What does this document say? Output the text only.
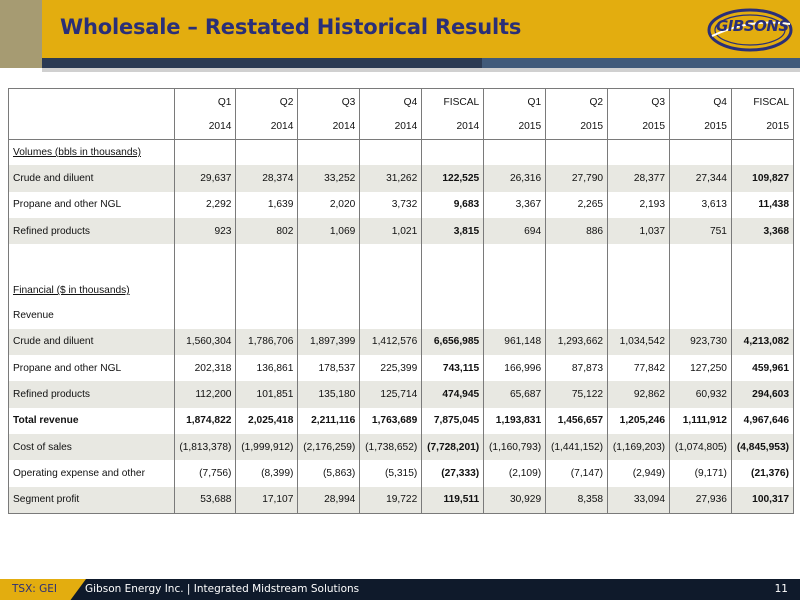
Wholesale – Restated Historical Results	GIBSONS
	Q1	Q2	Q3	Q4	FISCAL	Q1	Q2	Q3	Q4	FISCAL
	2014	2014	2014	2014	2014	2015	2015	2015	2015	2015
Volumes (bbls in thousands)										
Crude and diluent	29,637	28,374	33,252	31,262	122,525	26,316	27,790	28,377	27,344	109,827
Propane and other NGL	2,292	1,639	2,020	3,732	9,683	3,367	2,265	2,193	3,613	11,438
Refined products	923	802	1,069	1,021	3,815	694	886	1,037	751	3,368

Financial ($ in thousands)										
Revenue										
Crude and diluent	1,560,304	1,786,706	1,897,399	1,412,576	6,656,985	961,148	1,293,662	1,034,542	923,730	4,213,082
Propane and other NGL	202,318	136,861	178,537	225,399	743,115	166,996	87,873	77,842	127,250	459,961
Refined products	112,200	101,851	135,180	125,714	474,945	65,687	75,122	92,862	60,932	294,603
Total revenue	1,874,822	2,025,418	2,211,116	1,763,689	7,875,045	1,193,831	1,456,657	1,205,246	1,111,912	4,967,646
Cost of sales	(1,813,378)	(1,999,912)	(2,176,259)	(1,738,652)	(7,728,201)	(1,160,793)	(1,441,152)	(1,169,203)	(1,074,805)	(4,845,953)
Operating expense and other	(7,756)	(8,399)	(5,863)	(5,315)	(27,333)	(2,109)	(7,147)	(2,949)	(9,171)	(21,376)
Segment profit	53,688	17,107	28,994	19,722	119,511	30,929	8,358	33,094	27,936	100,317
TSX: GEI	Gibson Energy Inc. | Integrated Midstream Solutions	11
